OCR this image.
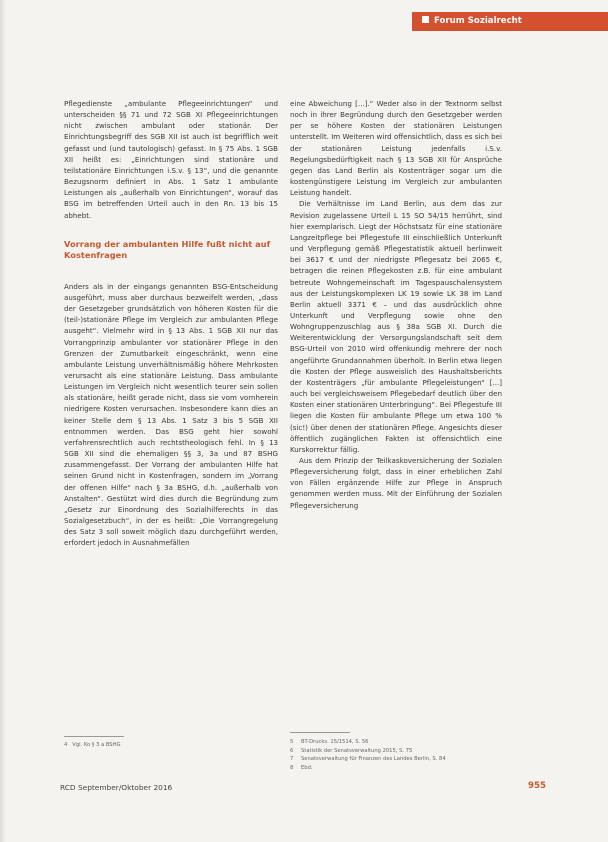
Forum Sozialrecht

Pflegedienste „ambulante Pflegeeinrichtungen“ und unterscheiden §§ 71 und 72 SGB XI Pflegeeinrichtungen nicht zwischen ambulant oder stationär. Der Einrichtungsbegriff des SGB XII ist auch ist begrifflich weit gefasst und (und tautologisch) gefasst. In § 75 Abs. 1 SGB XII heißt es: „Einrichtungen sind stationäre und teilstationäre Einrichtungen i.S.v. § 13“, und die genannte Bezugsnorm definiert in Abs. 1 Satz 1 ambulante Leistungen als „außerhalb von Einrichtungen“, worauf das BSG im betreffenden Urteil auch in den Rn. 13 bis 15 abhebt.

Vorrang der ambulanten Hilfe fußt nicht auf Kostenfragen

Anders als in der eingangs genannten BSG-Entscheidung ausgeführt, muss aber durchaus bezweifelt werden, „dass der Gesetzgeber grundsätzlich von höheren Kosten für die (teil-)stationäre Pflege im Vergleich zur ambulanten Pflege ausgeht“. Vielmehr wird in § 13 Abs. 1 SGB XII nur das Vorrangprinzip ambulanter vor stationärer Pflege in den Grenzen der Zumutbarkeit eingeschränkt, wenn eine ambulante Leistung unverhältnismäßig höhere Mehrkosten verursacht als eine stationäre Leistung. Dass ambulante Leistungen im Vergleich nicht wesentlich teurer sein sollen als stationäre, heißt gerade nicht, dass sie vom vornherein niedrigere Kosten verursachen. Insbesondere kann dies an keiner Stelle dem § 13 Abs. 1 Satz 3 bis 5 SGB XII entnommen werden. Das BSG geht hier sowohl verfahrensrechtlich auch rechtstheologisch fehl. In § 13 SGB XII sind die ehemaligen §§ 3, 3a und 87 BSHG zusammengefasst. Der Vorrang der ambulanten Hilfe hat seinen Grund nicht in Kostenfragen, sondern im „Vorrang der offenen Hilfe“ nach § 3a BSHG, d.h. „außerhalb von Anstalten“. Gestützt wird dies durch die Begründung zum „Gesetz zur Einordnung des Sozialhilferechts in das Sozialgesetzbuch“, in der es heißt: „Die Vorrangregelung des Satz 3 soll soweit möglich dazu durchgeführt werden, erfordert jedoch in Ausnahmefällen

eine Abweichung [...].“ Weder also in der Textnorm selbst noch in ihrer Begründung durch den Gesetzgeber werden per se höhere Kosten der stationären Leistungen unterstellt. Im Weiteren wird offensichtlich, dass es sich bei der stationären Leistung jedenfalls i.S.v. Regelungsbedürftigkeit nach § 13 SGB XII für Ansprüche gegen das Land Berlin als Kostenträger sogar um die kostengünstigere Leistung im Vergleich zur ambulanten Leistung handelt.

Die Verhältnisse im Land Berlin, aus dem das zur Revision zugelassene Urteil L 15 SO 54/15 herrührt, sind hier exemplarisch. Liegt der Höchstsatz für eine stationäre Langzeitpflege bei Pflegestufe III einschließlich Unterkunft und Verpflegung gemäß Pflegestatistik aktuell berlinweit bei 3617 € und der niedrigste Pflegesatz bei 2065 €, betragen die reinen Pflegekosten z.B. für eine ambulant betreute Wohngemeinschaft im Tagespauschalensystem aus der Leistungskomplexen LK 19 sowie LK 38 im Land Berlin aktuell 3371 € – und das ausdrücklich ohne Unterkunft und Verpflegung sowie ohne den Wohngruppenzuschlag aus § 38a SGB XI. Durch die Weiterentwicklung der Versorgungslandschaft seit dem BSG-Urteil von 2010 wird offenkundig mehrere der noch angeführte Grundannahmen überholt. In Berlin etwa liegen die Kosten der Pflege ausweislich des Haushaltsberichts der Kostenträgers „für ambulante Pflegeleistungen“ [...] auch bei vergleichsweisem Pflegebedarf deutlich über den Kosten einer stationären Unterbringung“. Bei Pflegestufe III liegen die Kosten für ambulante Pflege um etwa 100 % (sic!) über denen der stationären Pflege. Angesichts dieser öffentlich zugänglichen Fakten ist offensichtlich eine Kurskorrektur fällig.

Aus dem Prinzip der Teilkaskoversicherung der Sozialen Pflegeversicherung folgt, dass in einer erheblichen Zahl von Fällen ergänzende Hilfe zur Pflege in Anspruch genommen werden muss. Mit der Einführung der Sozialen Pflegeversicherung

4 Vgl. Ko § 3 a BSHG	5 BT-Drucks. 15/1514, S. 56
6 Statistik der Senatsverwaltung 2015, S. 75
7 Senatsverwaltung für Finanzen des Landes Berlin, S. 84
8 Ebd.
RCD September/Oktober 2016	955
